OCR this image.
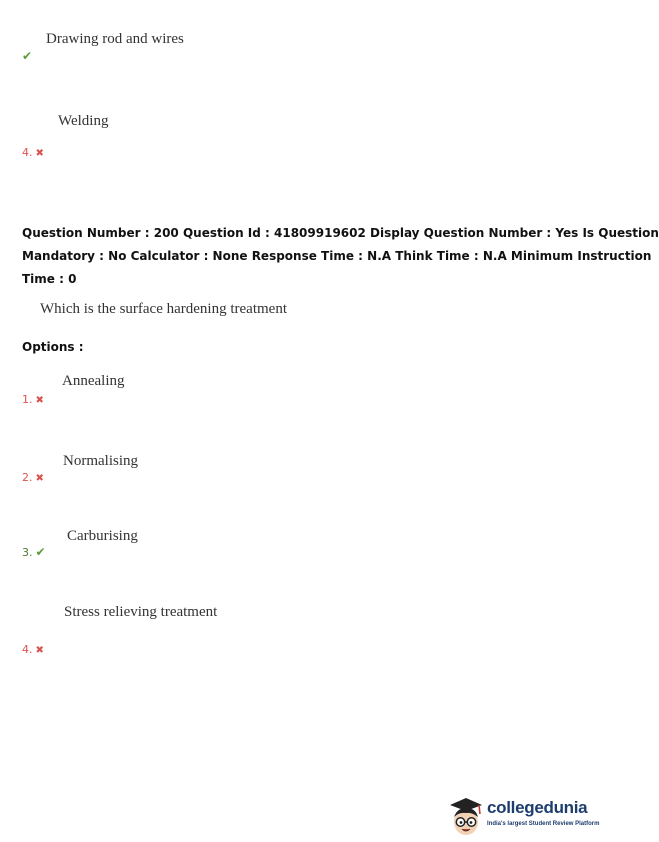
Drawing rod and wires
✔
Welding
4. ✖
Question Number : 200 Question Id : 41809919602 Display Question Number : Yes Is Question
Mandatory : No Calculator : None Response Time : N.A Think Time : N.A Minimum Instruction
Time : 0
Which is the surface hardening treatment
Options :
Annealing
1. ✖
Normalising
2. ✖
Carburising
3. ✔
Stress relieving treatment
4. ✖
collegedunia
India's largest Student Review Platform
